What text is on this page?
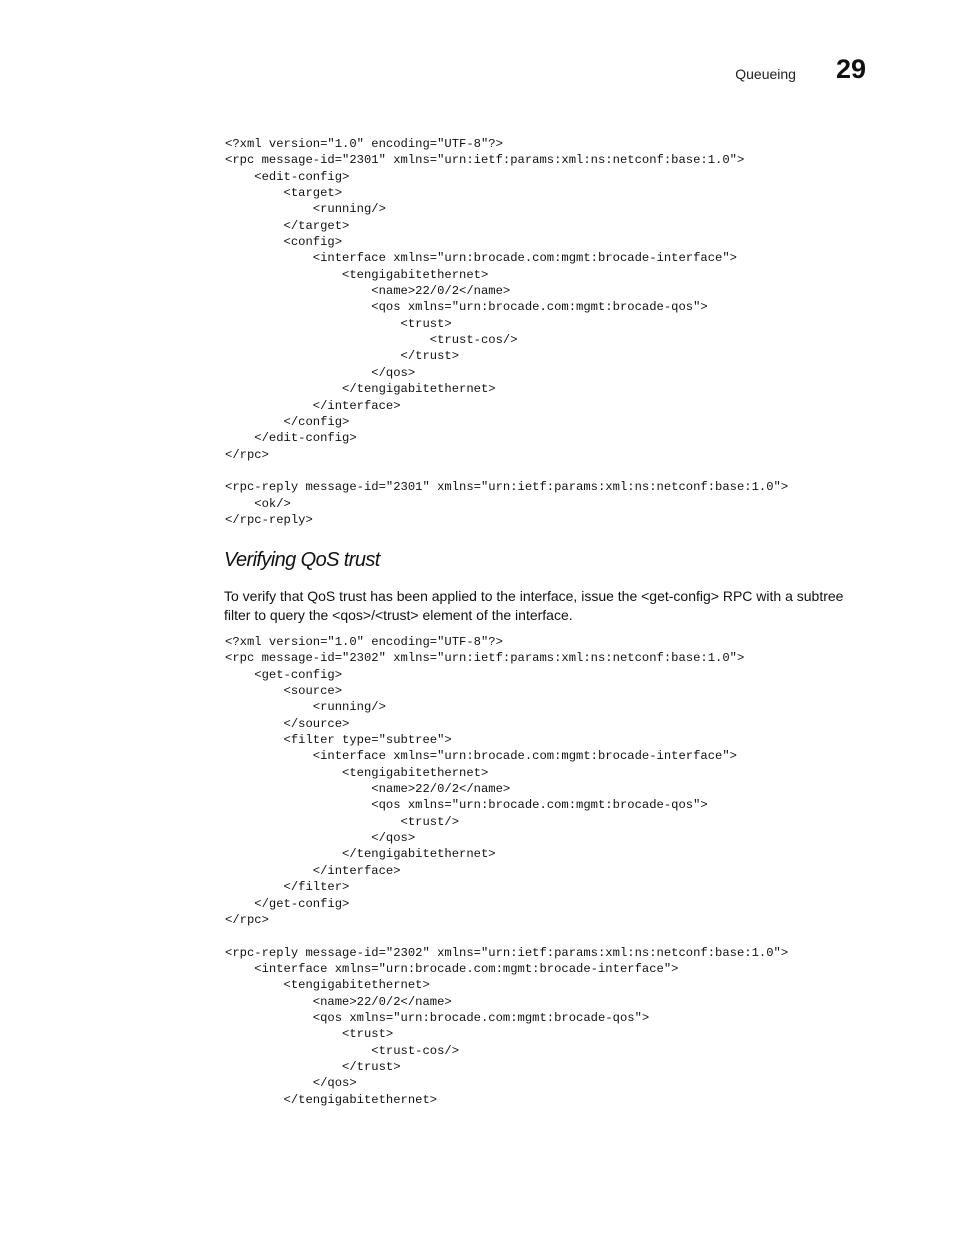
Queueing 29
<?xml version="1.0" encoding="UTF-8"?>
<rpc message-id="2301" xmlns="urn:ietf:params:xml:ns:netconf:base:1.0">
<edit-config>
<target>
<running/>
</target>
<config>
<interface xmlns="urn:brocade.com:mgmt:brocade-interface">
<tengigabitethernet>
<name>22/0/2</name>
<qos xmlns="urn:brocade.com:mgmt:brocade-qos">
<trust>
<trust-cos/>
</trust>
</qos>
</tengigabitethernet>
</interface>
</config>
</edit-config>
</rpc>

<rpc-reply message-id="2301" xmlns="urn:ietf:params:xml:ns:netconf:base:1.0">
<ok/>
</rpc-reply>
Verifying QoS trust

To verify that QoS trust has been applied to the interface, issue the <get-config> RPC with a subtree filter to query the <qos>/<trust> element of the interface.

<?xml version="1.0" encoding="UTF-8"?>
<rpc message-id="2302" xmlns="urn:ietf:params:xml:ns:netconf:base:1.0">
<get-config>
<source>
<running/>
</source>
<filter type="subtree">
<interface xmlns="urn:brocade.com:mgmt:brocade-interface">
<tengigabitethernet>
<name>22/0/2</name>
<qos xmlns="urn:brocade.com:mgmt:brocade-qos">
<trust/>
</qos>
</tengigabitethernet>
</interface>
</filter>
</get-config>
</rpc>

<rpc-reply message-id="2302" xmlns="urn:ietf:params:xml:ns:netconf:base:1.0">
<interface xmlns="urn:brocade.com:mgmt:brocade-interface">
<tengigabitethernet>
<name>22/0/2</name>
<qos xmlns="urn:brocade.com:mgmt:brocade-qos">
<trust>
<trust-cos/>
</trust>
</qos>
</tengigabitethernet>
